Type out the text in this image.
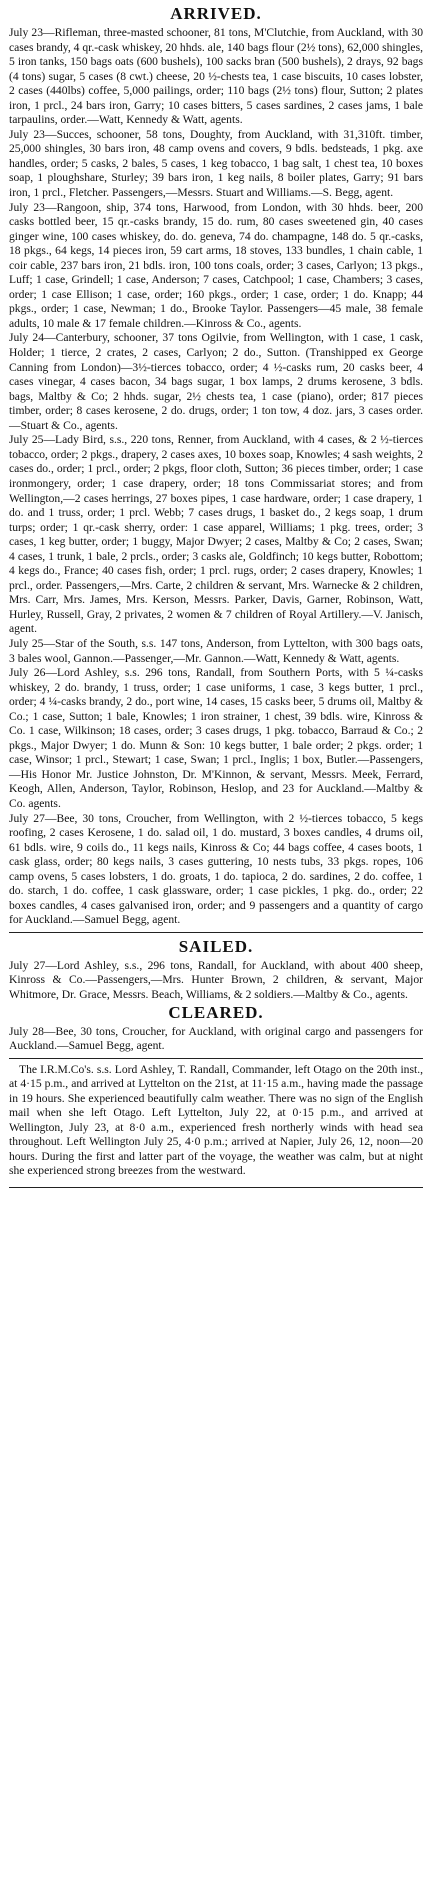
ARRIVED.

July 23—Rifleman, three-masted schooner, 81 tons, M'Clutchie, from Auckland, with 30 cases brandy, 4 qr.-cask whiskey, 20 hhds. ale, 140 bags flour (2½ tons), 62,000 shingles, 5 iron tanks, 150 bags oats (600 bushels), 100 sacks bran (500 bushels), 2 drays, 92 bags (4 tons) sugar, 5 cases (8 cwt.) cheese, 20 ½-chests tea, 1 case biscuits, 10 cases lobster, 2 cases (440lbs) coffee, 5,000 pailings, order; 110 bags (2½ tons) flour, Sutton; 2 plates iron, 1 prcl., 24 bars iron, Garry; 10 cases bitters, 5 cases sardines, 2 cases jams, 1 bale tarpaulins, order.—Watt, Kennedy & Watt, agents.

July 23—Succes, schooner, 58 tons, Doughty, from Auckland, with 31,310ft. timber, 25,000 shingles, 30 bars iron, 48 camp ovens and covers, 9 bdls. bedsteads, 1 pkg. axe handles, order; 5 casks, 2 bales, 5 cases, 1 keg tobacco, 1 bag salt, 1 chest tea, 10 boxes soap, 1 ploughshare, Sturley; 39 bars iron, 1 keg nails, 8 boiler plates, Garry; 91 bars iron, 1 prcl., Fletcher. Passengers,—Messrs. Stuart and Williams.—S. Begg, agent.

July 23—Rangoon, ship, 374 tons, Harwood, from London, with 30 hhds. beer, 200 casks bottled beer, 15 qr.-casks brandy, 15 do. rum, 80 cases sweetened gin, 40 cases ginger wine, 100 cases whiskey, do. do. geneva, 74 do. champagne, 148 do. 5 qr.-casks, 18 pkgs., 64 kegs, 14 pieces iron, 59 cart arms, 18 stoves, 133 bundles, 1 chain cable, 1 coir cable, 237 bars iron, 21 bdls. iron, 100 tons coals, order; 3 cases, Carlyon; 13 pkgs., Luff; 1 case, Grindell; 1 case, Anderson; 7 cases, Catchpool; 1 case, Chambers; 3 cases, order; 1 case Ellison; 1 case, order; 160 pkgs., order; 1 case, order; 1 do. Knapp; 44 pkgs., order; 1 case, Newman; 1 do., Brooke Taylor. Passengers—45 male, 38 female adults, 10 male & 17 female children.—Kinross & Co., agents.

July 24—Canterbury, schooner, 37 tons Ogilvie, from Wellington, with 1 case, 1 cask, Holder; 1 tierce, 2 crates, 2 cases, Carlyon; 2 do., Sutton. (Transhipped ex George Canning from London)—3½-tierces tobacco, order; 4 ½-casks rum, 20 casks beer, 4 cases vinegar, 4 cases bacon, 34 bags sugar, 1 box lamps, 2 drums kerosene, 3 bdls. bags, Maltby & Co; 2 hhds. sugar, 2½ chests tea, 1 case (piano), order; 817 pieces timber, order; 8 cases kerosene, 2 do. drugs, order; 1 ton tow, 4 doz. jars, 3 cases order.—Stuart & Co., agents.

July 25—Lady Bird, s.s., 220 tons, Renner, from Auckland, with 4 cases, & 2 ½-tierces tobacco, order; 2 pkgs., drapery, 2 cases axes, 10 boxes soap, Knowles; 4 sash weights, 2 cases do., order; 1 prcl., order; 2 pkgs, floor cloth, Sutton; 36 pieces timber, order; 1 case ironmongery, order; 1 case drapery, order; 18 tons Commissariat stores; and from Wellington,—2 cases herrings, 27 boxes pipes, 1 case hardware, order; 1 case drapery, 1 do. and 1 truss, order; 1 prcl. Webb; 7 cases drugs, 1 basket do., 2 kegs soap, 1 drum turps; order; 1 qr.-cask sherry, order: 1 case apparel, Williams; 1 pkg. trees, order; 3 cases, 1 keg butter, order; 1 buggy, Major Dwyer; 2 cases, Maltby & Co; 2 cases, Swan; 4 cases, 1 trunk, 1 bale, 2 prcls., order; 3 casks ale, Goldfinch; 10 kegs butter, Robottom; 4 kegs do., France; 40 cases fish, order; 1 prcl. rugs, order; 2 cases drapery, Knowles; 1 prcl., order. Passengers,—Mrs. Carte, 2 children & servant, Mrs. Warnecke & 2 children, Mrs. Carr, Mrs. James, Mrs. Kerson, Messrs. Parker, Davis, Garner, Robinson, Watt, Hurley, Russell, Gray, 2 privates, 2 women & 7 children of Royal Artillery.—V. Janisch, agent.

July 25—Star of the South, s.s. 147 tons, Anderson, from Lyttelton, with 300 bags oats, 3 bales wool, Gannon.—Passenger,—Mr. Gannon.—Watt, Kennedy & Watt, agents.

July 26—Lord Ashley, s.s. 296 tons, Randall, from Southern Ports, with 5 ¼-casks whiskey, 2 do. brandy, 1 truss, order; 1 case uniforms, 1 case, 3 kegs butter, 1 prcl., order; 4 ¼-casks brandy, 2 do., port wine, 14 cases, 15 casks beer, 5 drums oil, Maltby & Co.; 1 case, Sutton; 1 bale, Knowles; 1 iron strainer, 1 chest, 39 bdls. wire, Kinross & Co. 1 case, Wilkinson; 18 cases, order; 3 cases drugs, 1 pkg. tobacco, Barraud & Co.; 2 pkgs., Major Dwyer; 1 do. Munn & Son: 10 kegs butter, 1 bale order; 2 pkgs. order; 1 case, Winsor; 1 prcl., Stewart; 1 case, Swan; 1 prcl., Inglis; 1 box, Butler.—Passengers,—His Honor Mr. Justice Johnston, Dr. M'Kinnon, & servant, Messrs. Meek, Ferrard, Keogh, Allen, Anderson, Taylor, Robinson, Heslop, and 23 for Auckland.—Maltby & Co. agents.

July 27—Bee, 30 tons, Croucher, from Wellington, with 2 ½-tierces tobacco, 5 kegs roofing, 2 cases Kerosene, 1 do. salad oil, 1 do. mustard, 3 boxes candles, 4 drums oil, 61 bdls. wire, 9 coils do., 11 kegs nails, Kinross & Co; 44 bags coffee, 4 cases boots, 1 cask glass, order; 80 kegs nails, 3 cases guttering, 10 nests tubs, 33 pkgs. ropes, 106 camp ovens, 5 cases lobsters, 1 do. groats, 1 do. tapioca, 2 do. sardines, 2 do. coffee, 1 do. starch, 1 do. coffee, 1 cask glassware, order; 1 case pickles, 1 pkg. do., order; 22 boxes candles, 4 cases galvanised iron, order; and 9 passengers and a quantity of cargo for Auckland.—Samuel Begg, agent.

SAILED.

July 27—Lord Ashley, s.s., 296 tons, Randall, for Auckland, with about 400 sheep, Kinross & Co.—Passengers,—Mrs. Hunter Brown, 2 children, & servant, Major Whitmore, Dr. Grace, Messrs. Beach, Williams, & 2 soldiers.—Maltby & Co., agents.

CLEARED.

July 28—Bee, 30 tons, Croucher, for Auckland, with original cargo and passengers for Auckland.—Samuel Begg, agent.

The I.R.M.Co's. s.s. Lord Ashley, T. Randall, Commander, left Otago on the 20th inst., at 4·15 p.m., and arrived at Lyttelton on the 21st, at 11·15 a.m., having made the passage in 19 hours. She experienced beautifully calm weather. There was no sign of the English mail when she left Otago. Left Lyttelton, July 22, at 0·15 p.m., and arrived at Wellington, July 23, at 8·0 a.m., experienced fresh northerly winds with head sea throughout. Left Wellington July 25, 4·0 p.m.; arrived at Napier, July 26, 12, noon—20 hours. During the first and latter part of the voyage, the weather was calm, but at night she experienced strong breezes from the westward.
